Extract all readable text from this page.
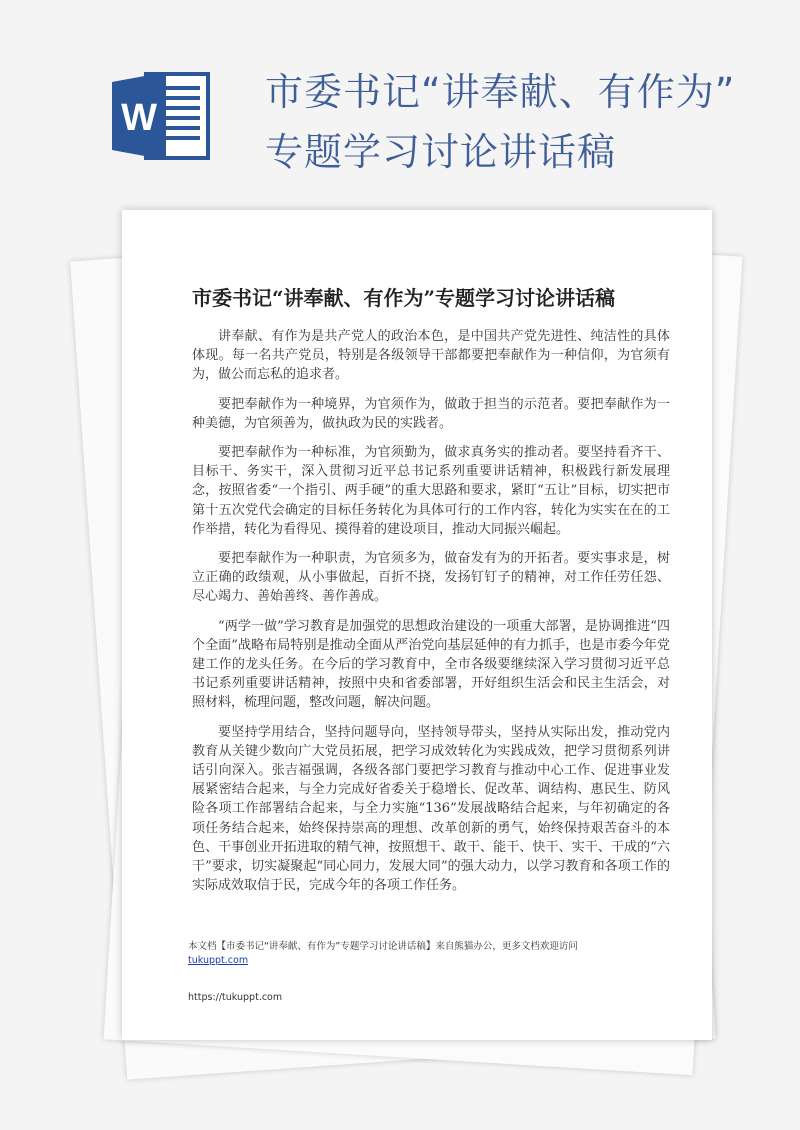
W
市委书记“讲奉献、有作为”
专题学习讨论讲话稿
市委书记“讲奉献、有作为”专题学习讨论讲话稿

讲奉献、有作为是共产党人的政治本色，是中国共产党先进性、纯洁性的具体体现。每一名共产党员，特别是各级领导干部都要把奉献作为一种信仰，为官须有为，做公而忘私的追求者。

要把奉献作为一种境界，为官须作为，做敢于担当的示范者。要把奉献作为一种美德，为官须善为，做执政为民的实践者。

要把奉献作为一种标准，为官须勤为，做求真务实的推动者。要坚持看齐干、目标干、务实干，深入贯彻习近平总书记系列重要讲话精神，积极践行新发展理念，按照省委“一个指引、两手硬”的重大思路和要求，紧盯“五让”目标，切实把市第十五次党代会确定的目标任务转化为具体可行的工作内容，转化为实实在在的工作举措，转化为看得见、摸得着的建设项目，推动大同振兴崛起。

要把奉献作为一种职责，为官须多为，做奋发有为的开拓者。要实事求是，树立正确的政绩观，从小事做起，百折不挠，发扬钉钉子的精神，对工作任劳任怨、尽心竭力、善始善终、善作善成。

“两学一做”学习教育是加强党的思想政治建设的一项重大部署，是协调推进“四个全面”战略布局特别是推动全面从严治党向基层延伸的有力抓手，也是市委今年党建工作的龙头任务。在今后的学习教育中，全市各级要继续深入学习贯彻习近平总书记系列重要讲话精神，按照中央和省委部署，开好组织生活会和民主生活会，对照材料，梳理问题，整改问题，解决问题。

要坚持学用结合，坚持问题导向，坚持领导带头，坚持从实际出发，推动党内教育从关键少数向广大党员拓展，把学习成效转化为实践成效，把学习贯彻系列讲话引向深入。张吉福强调，各级各部门要把学习教育与推动中心工作、促进事业发展紧密结合起来，与全力完成好省委关于稳增长、促改革、调结构、惠民生、防风险各项工作部署结合起来，与全力实施“136”发展战略结合起来，与年初确定的各项任务结合起来，始终保持崇高的理想、改革创新的勇气，始终保持艰苦奋斗的本色、干事创业开拓进取的精气神，按照想干、敢干、能干、快干、实干、干成的“六干”要求，切实凝聚起“同心同力，发展大同”的强大动力，以学习教育和各项工作的实际成效取信于民，完成今年的各项工作任务。

本文档【市委书记“讲奉献、有作为”专题学习讨论讲话稿】来自熊猫办公，更多文档欢迎访问
tukuppt.com
https://tukuppt.com
